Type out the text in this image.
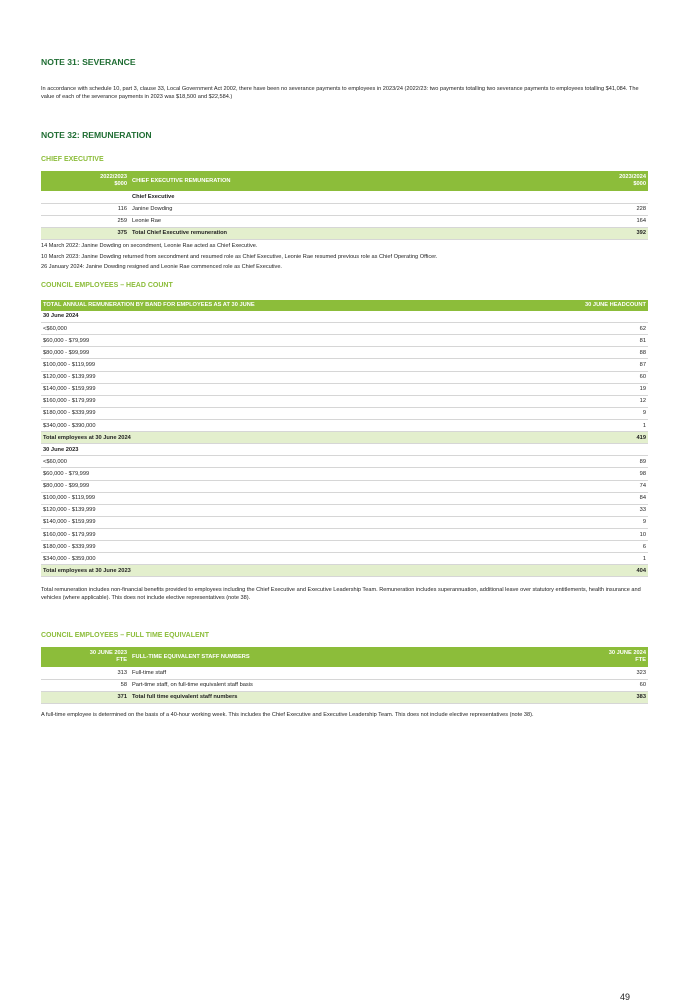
NOTE 31: SEVERANCE

In accordance with schedule 10, part 3, clause 33, Local Government Act 2002, there have been no severance payments to employees in 2023/24 (2022/23: two payments totalling two severance payments to employees totalling $41,084. The value of each of the severance payments in 2023 was $18,500 and $22,584.)

NOTE 32: REMUNERATION
CHIEF EXECUTIVE
2022/2023
$000	CHIEF EXECUTIVE REMUNERATION	2023/2024
$000
	Chief Executive	
116	Janine Dowding	228
259	Leonie Rae	164
375	Total Chief Executive remuneration	392
14 March 2022: Janine Dowding on secondment, Leonie Rae acted as Chief Executive.
10 March 2023: Janine Dowding returned from secondment and resumed role as Chief Executive, Leonie Rae resumed previous role as Chief Operating Officer.
26 January 2024: Janine Dowding resigned and Leonie Rae commenced role as Chief Executive.
COUNCIL EMPLOYEES – HEAD COUNT
TOTAL ANNUAL REMUNERATION BY BAND FOR EMPLOYEES AS AT 30 JUNE	30 JUNE HEADCOUNT
30 June 2024	
<$60,000	62
$60,000 - $79,999	81
$80,000 - $99,999	88
$100,000 - $119,999	87
$120,000 - $139,999	60
$140,000 - $159,999	19
$160,000 - $179,999	12
$180,000 - $339,999	9
$340,000 - $390,000	1
Total employees at 30 June 2024	419
30 June 2023	
<$60,000	89
$60,000 - $79,999	98
$80,000 - $99,999	74
$100,000 - $119,999	84
$120,000 - $139,999	33
$140,000 - $159,999	9
$160,000 - $179,999	10
$180,000 - $339,999	6
$340,000 - $359,000	1
Total employees at 30 June 2023	404

Total remuneration includes non-financial benefits provided to employees including the Chief Executive and Executive Leadership Team. Remuneration includes superannuation, additional leave over statutory entitlements, health insurance and vehicles (where applicable). This does not include elective representatives (note 38).

COUNCIL EMPLOYEES – FULL TIME EQUIVALENT
30 JUNE 2023
FTE	FULL-TIME EQUIVALENT STAFF NUMBERS	30 JUNE 2024
FTE
313	Full-time staff	323
58	Part-time staff, on full-time equivalent staff basis	60
371	Total full time equivalent staff numbers	383

A full-time employee is determined on the basis of a 40-hour working week. This includes the Chief Executive and Executive Leadership Team. This does not include elective representatives (note 38).

49
